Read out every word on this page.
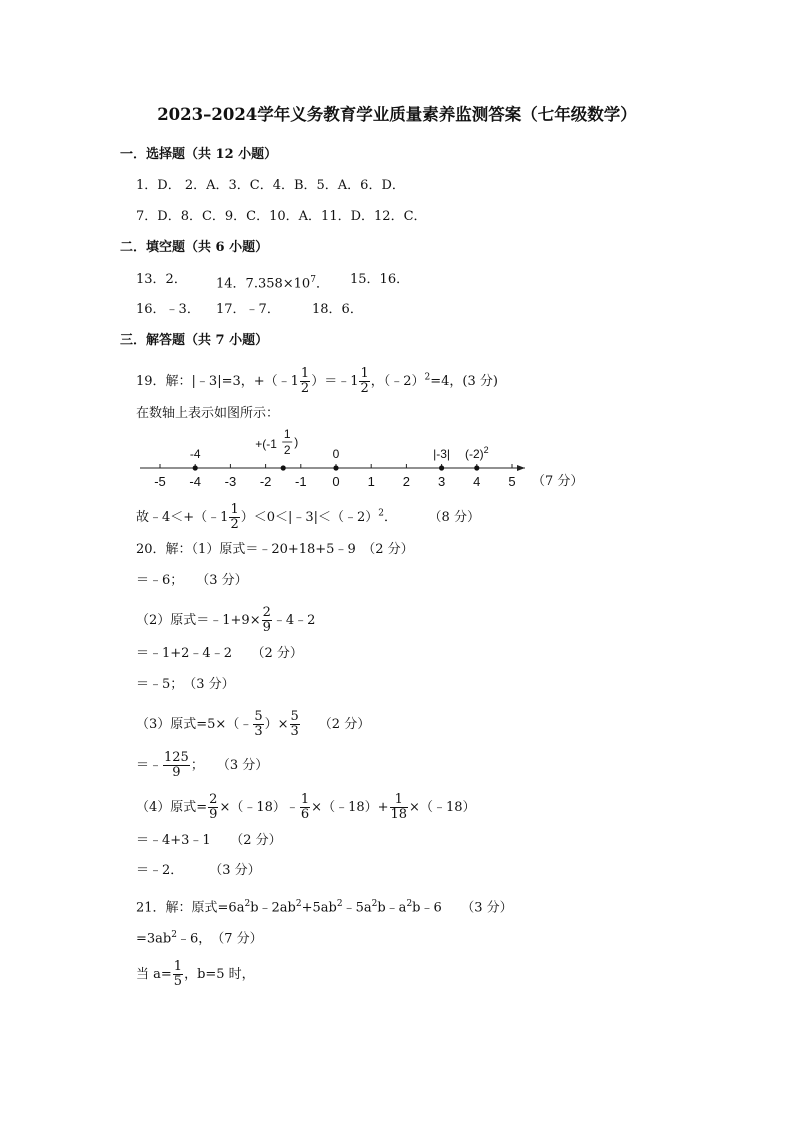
2023–2024学年义务教育学业质量素养监测答案（七年级数学）
一．选择题（共 12 小题）
1．D． 2．A．3．C．4．B．5．A．6．D．
7．D．8．C．9．C．10．A．11．D．12．C．
二．填空题（共 6 小题）
13．2． 14．$7.358\times 10^7$． 15．16．
16．﹣3． 17．﹣7． 18．6．
三．解答题（共 7 小题）
19．解：|﹣3|=3，+（﹣1 $\frac{1}{2}$ ）＝﹣1 $\frac{1}{2}$ ，（﹣2）$^2$=4，(3 分)
在数轴上表示如图所示：
-5 -4 -3 -2 -1 0 1 2 3 4 5
-4
+(-1
1
2
)
0	|-3| $(-2)^2$
（7 分）
故﹣4＜+（﹣1 $\frac{1}{2}$ ）＜0＜|﹣3|＜（﹣2）$^2$．	（8 分）
20．解：（1）原式＝﹣20+18+5﹣9　（2 分）
＝﹣6；　　（3 分）
（2）原式＝﹣1+9× $\frac{2}{9}$ ﹣4﹣2
＝﹣1+2﹣4﹣2　　（2 分）
＝﹣5；　（3 分）
（3）原式=5×（﹣ $\frac{5}{3}$ ）× $\frac{5}{3} (2$ 分）
＝﹣ $\frac{125}{9}$ ；　　（3 分）
（4）原式= $\frac{2}{9}$ ×（﹣18）﹣ $\frac{1}{6}$ ×（﹣18）+ $\frac{1}{18}$ ×（﹣18）
＝﹣4+3﹣1　　（2 分）
＝﹣2．　　　（3 分）
21．解：原式$=6a^2b﹣2ab^2+5ab^2﹣5a^2b﹣a^2b﹣6$　　（3 分）
$=3ab^2﹣6$，　（7 分）
当 $a= \frac{1}{5}$ ，b=5 时，
